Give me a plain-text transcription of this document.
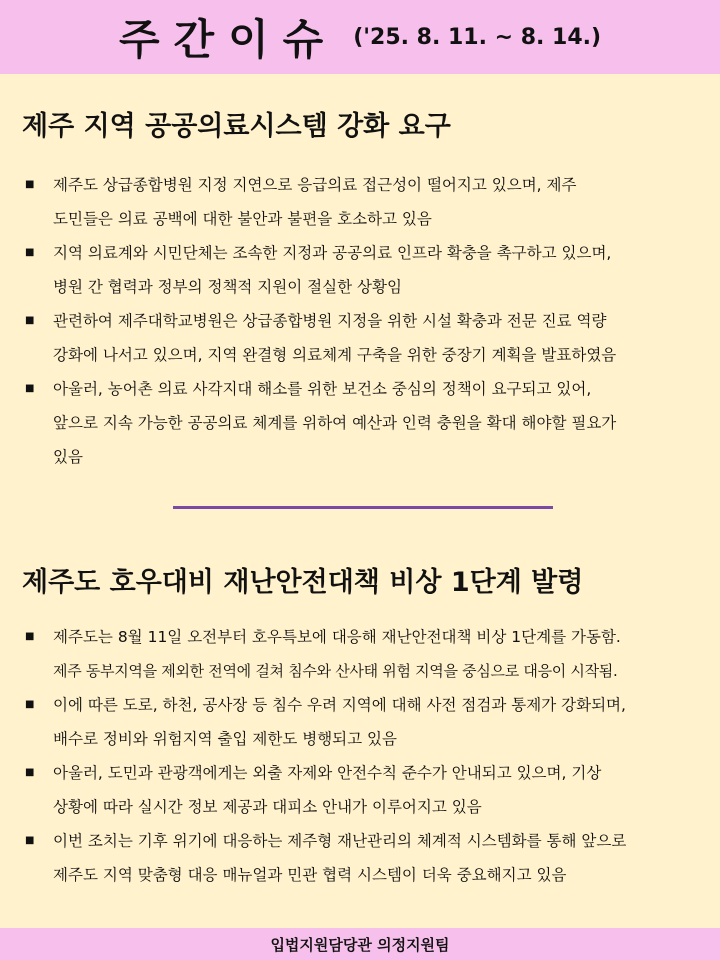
주간이슈 ('25. 8. 11. ~ 8. 14.)
제주 지역 공공의료시스템 강화 요구
■ 제주도 상급종합병원 지정 지연으로 응급의료 접근성이 떨어지고 있으며, 제주
도민들은 의료 공백에 대한 불안과 불편을 호소하고 있음
■ 지역 의료계와 시민단체는 조속한 지정과 공공의료 인프라 확충을 촉구하고 있으며,
병원 간 협력과 정부의 정책적 지원이 절실한 상황임
■ 관련하여 제주대학교병원은 상급종합병원 지정을 위한 시설 확충과 전문 진료 역량
강화에 나서고 있으며, 지역 완결형 의료체계 구축을 위한 중장기 계획을 발표하였음
■ 아울러, 농어촌 의료 사각지대 해소를 위한 보건소 중심의 정책이 요구되고 있어,
앞으로 지속 가능한 공공의료 체계를 위하여 예산과 인력 충원을 확대 해야할 필요가
있음
제주도 호우대비 재난안전대책 비상 1단계 발령
■ 제주도는 8월 11일 오전부터 호우특보에 대응해 재난안전대책 비상 1단계를 가동함.
제주 동부지역을 제외한 전역에 걸쳐 침수와 산사태 위험 지역을 중심으로 대응이 시작됨.
■ 이에 따른 도로, 하천, 공사장 등 침수 우려 지역에 대해 사전 점검과 통제가 강화되며,
배수로 정비와 위험지역 출입 제한도 병행되고 있음
■ 아울러, 도민과 관광객에게는 외출 자제와 안전수칙 준수가 안내되고 있으며, 기상
상황에 따라 실시간 정보 제공과 대피소 안내가 이루어지고 있음
■ 이번 조치는 기후 위기에 대응하는 제주형 재난관리의 체계적 시스템화를 통해 앞으로
제주도 지역 맞춤형 대응 매뉴얼과 민관 협력 시스템이 더욱 중요해지고 있음
입법지원담당관 의정지원팀
